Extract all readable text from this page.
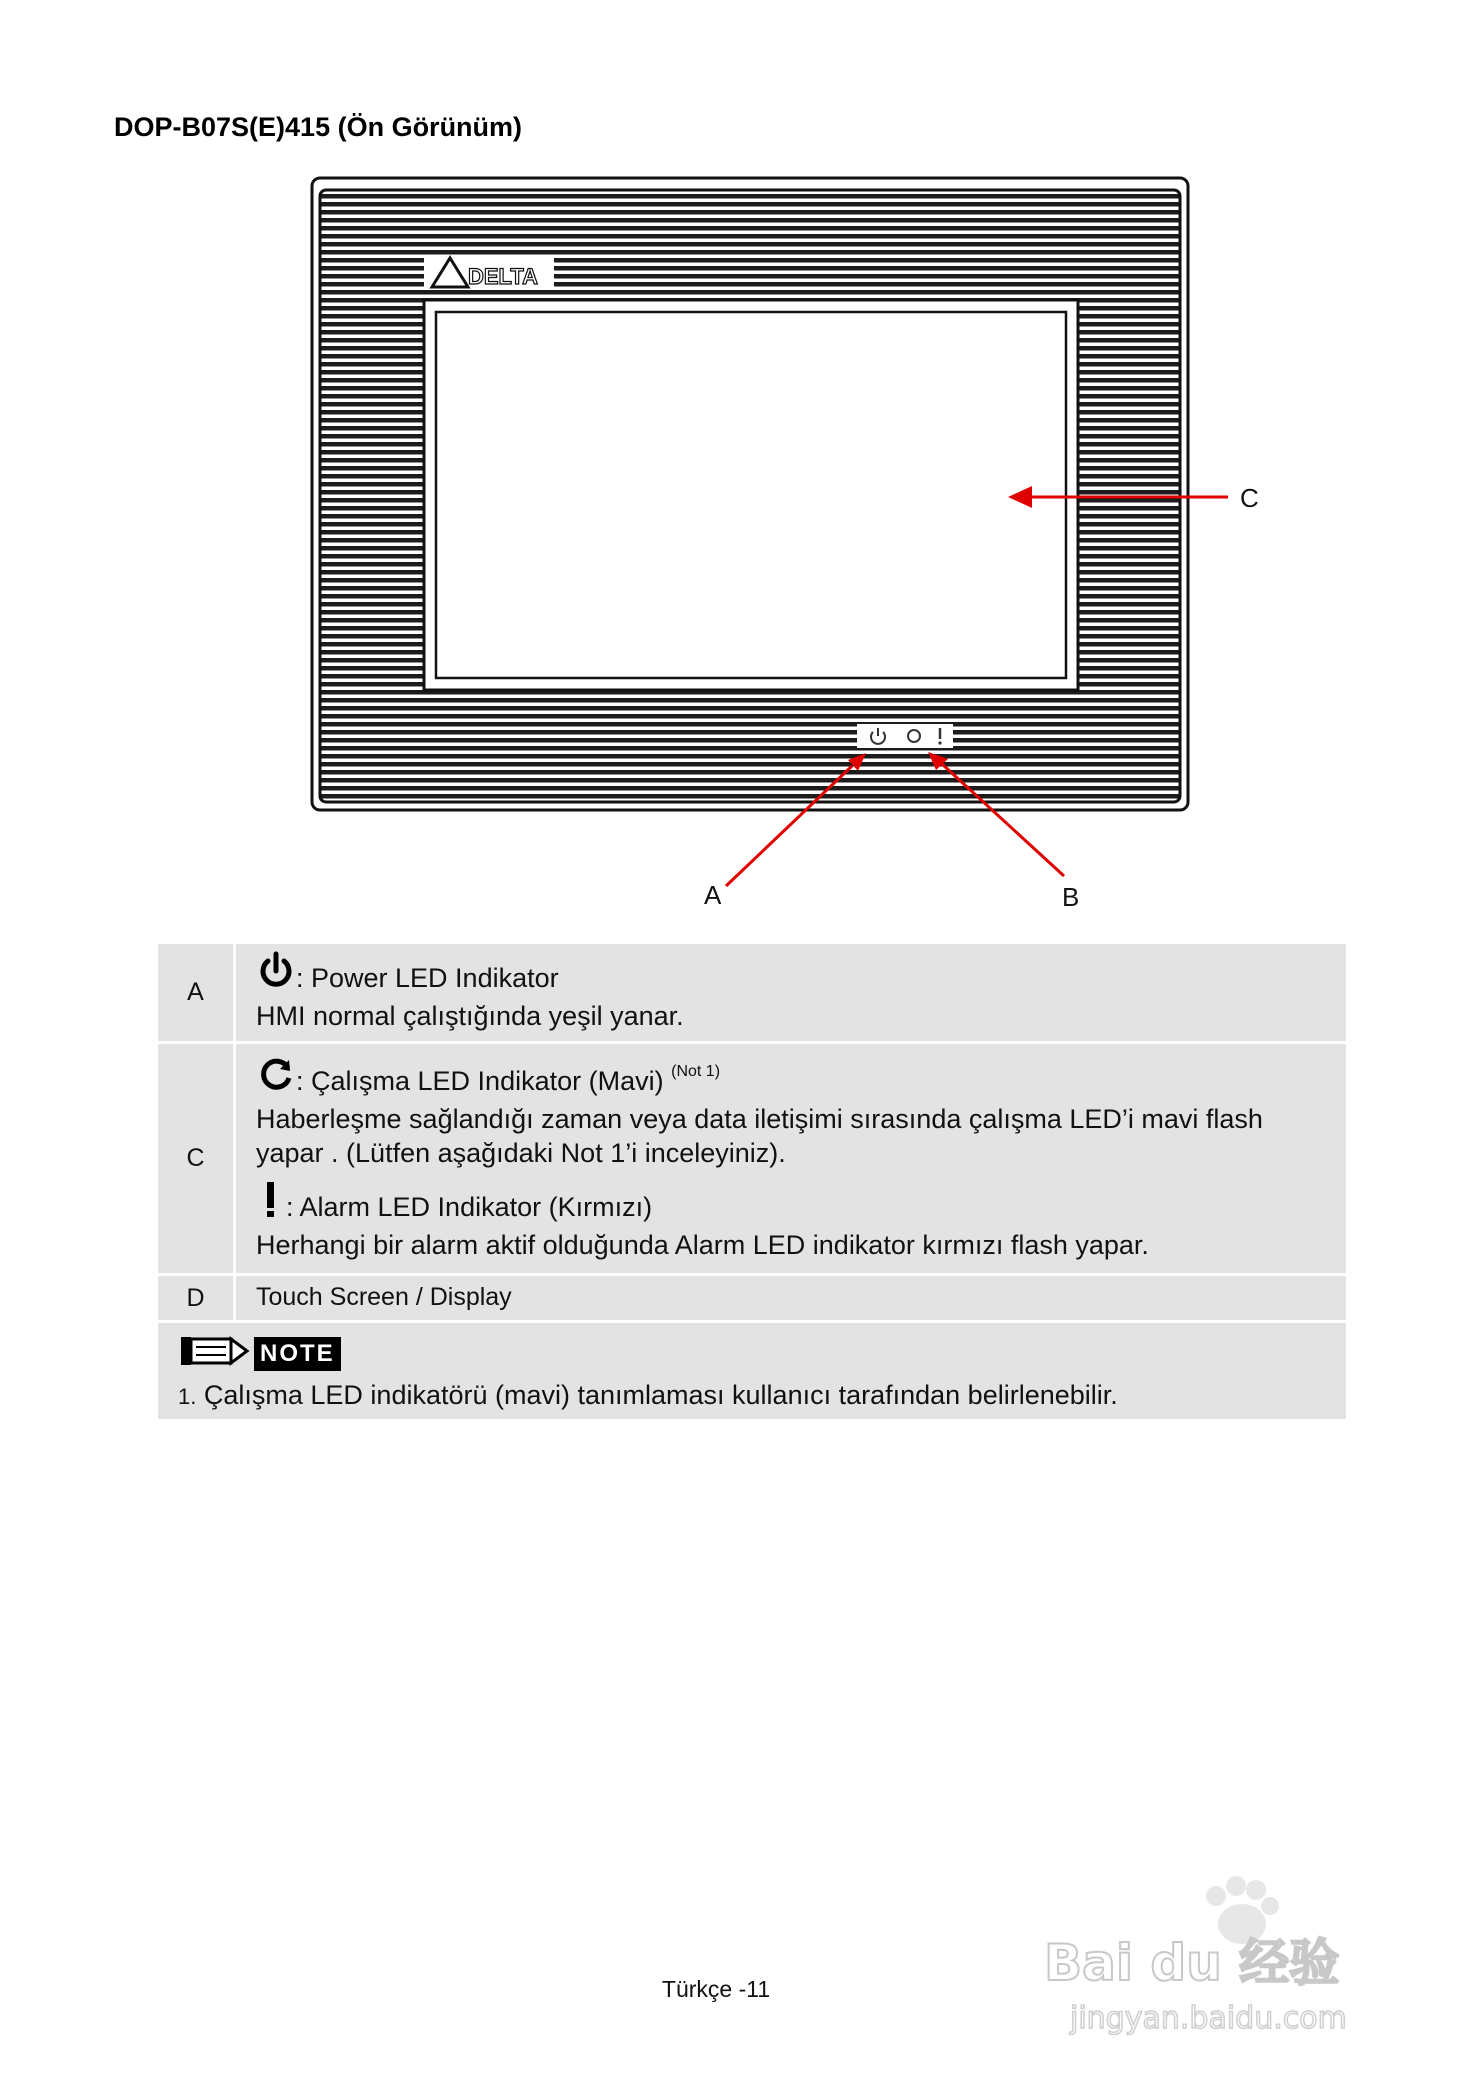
DOP-B07S(E)415 (Ön Görünüm)
DELTA
C
A	B
A	: Power LED Indikator
HMI normal çalıştığında yeşil yanar.

C	: Çalışma LED Indikator (Mavi) $^{(Not 1)}$
Haberleşme sağlandığı zaman veya data iletişimi sırasında çalışma LED’i mavi flash yapar . (Lütfen aşağıdaki Not 1’i inceleyiniz).
: Alarm LED Indikator (Kırmızı)
Herhangi bir alarm aktif olduğunda Alarm LED indikator kırmızı flash yapar.

D	Touch Screen / Display

NOTE
1. Çalışma LED indikatörü (mavi) tanımlaması kullanıcı tarafından belirlenebilir.	
Türkçe -11	Bai du 经验
jingyan.baidu.com
